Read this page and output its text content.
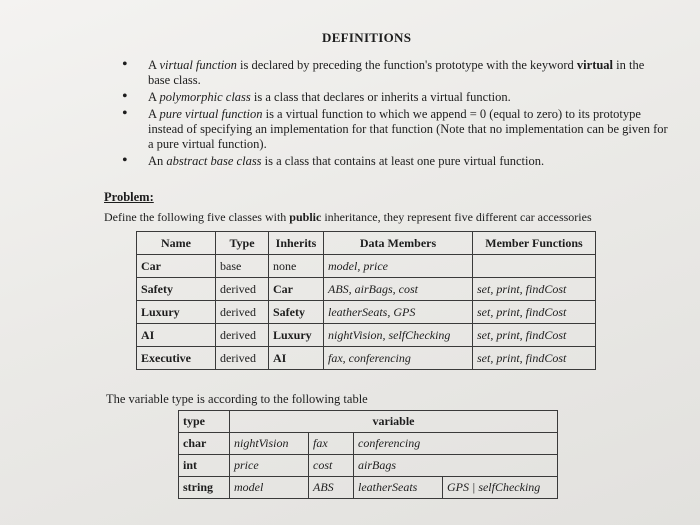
DEFINITIONS
• A virtual function is declared by preceding the function's prototype with the keyword virtual in the base class.
• A polymorphic class is a class that declares or inherits a virtual function.
• A pure virtual function is a virtual function to which we append = 0 (equal to zero) to its prototype instead of specifying an implementation for that function (Note that no implementation can be given for a pure virtual function).
• An abstract base class is a class that contains at least one pure virtual function.
Problem:
Define the following five classes with public inheritance, they represent five different car accessories
Name	Type	Inherits	Data Members	Member Functions
Car	base	none	model, price	
Safety	derived	Car	ABS, airBags, cost	set, print, findCost
Luxury	derived	Safety	leatherSeats, GPS	set, print, findCost
AI	derived	Luxury	nightVision, selfChecking	set, print, findCost
Executive	derived	AI	fax, conferencing	set, print, findCost
The variable type is according to the following table
type	variable			
char	nightVision	fax	conferencing	
int	price	cost	airBags	
string	model	ABS	leatherSeats	GPS | selfChecking
